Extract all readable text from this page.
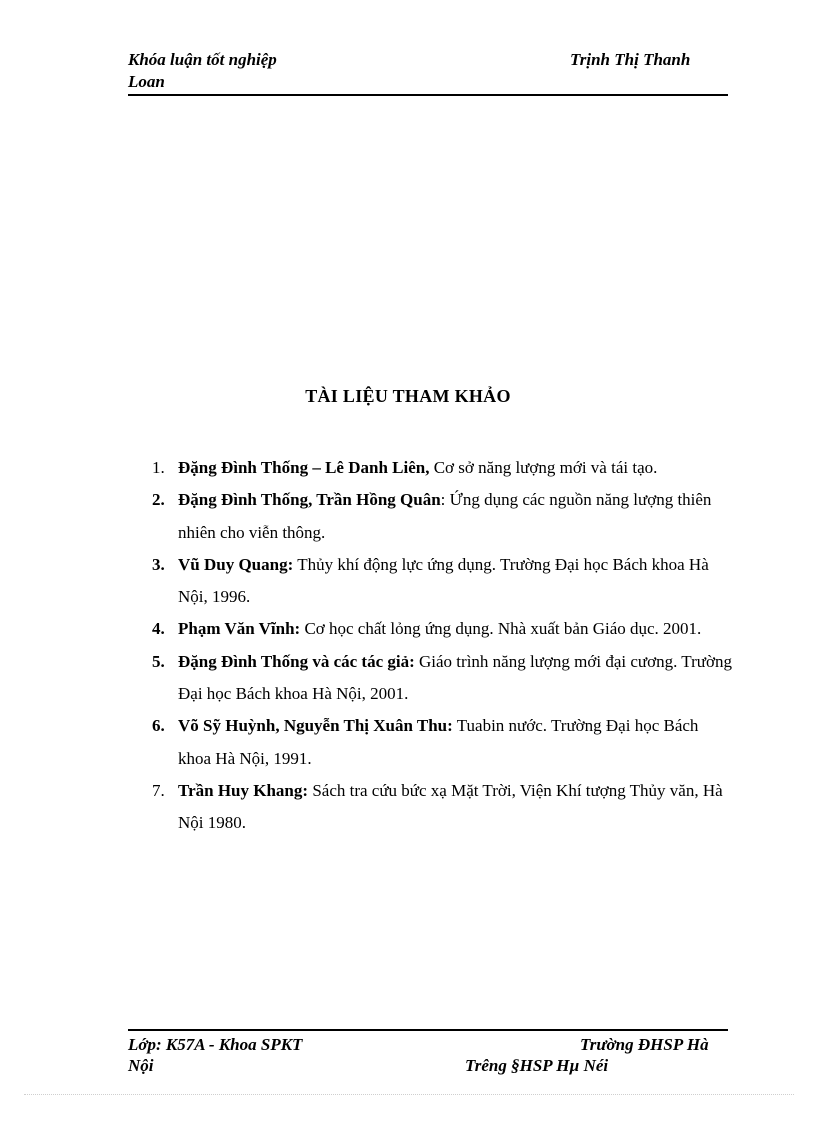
Khóa luận tốt nghiệp
Loan
Trịnh Thị Thanh
TÀI LIỆU THAM KHẢO
1. Đặng Đình Thống – Lê Danh Liên, Cơ sở năng lượng mới và tái tạo.
2. Đặng Đình Thống, Trần Hồng Quân: Ứng dụng các nguồn năng lượng thiên nhiên cho viễn thông.
3. Vũ Duy Quang: Thủy khí động lực ứng dụng. Trường Đại học Bách khoa Hà Nội, 1996.
4. Phạm Văn Vĩnh: Cơ học chất lỏng ứng dụng. Nhà xuất bản Giáo dục. 2001.
5. Đặng Đình Thống và các tác giả: Giáo trình năng lượng mới đại cương. Trường Đại học Bách khoa Hà Nội, 2001.
6. Võ Sỹ Huỳnh, Nguyễn Thị Xuân Thu: Tuabin nước. Trường Đại học Bách khoa Hà Nội, 1991.
7. Trần Huy Khang: Sách tra cứu bức xạ Mặt Trời, Viện Khí tượng Thủy văn, Hà Nội 1980.
Lớp: K57A - Khoa SPKT
Nội
Trường ĐHSP Hà
Trêng §HSP Hµ Néi
